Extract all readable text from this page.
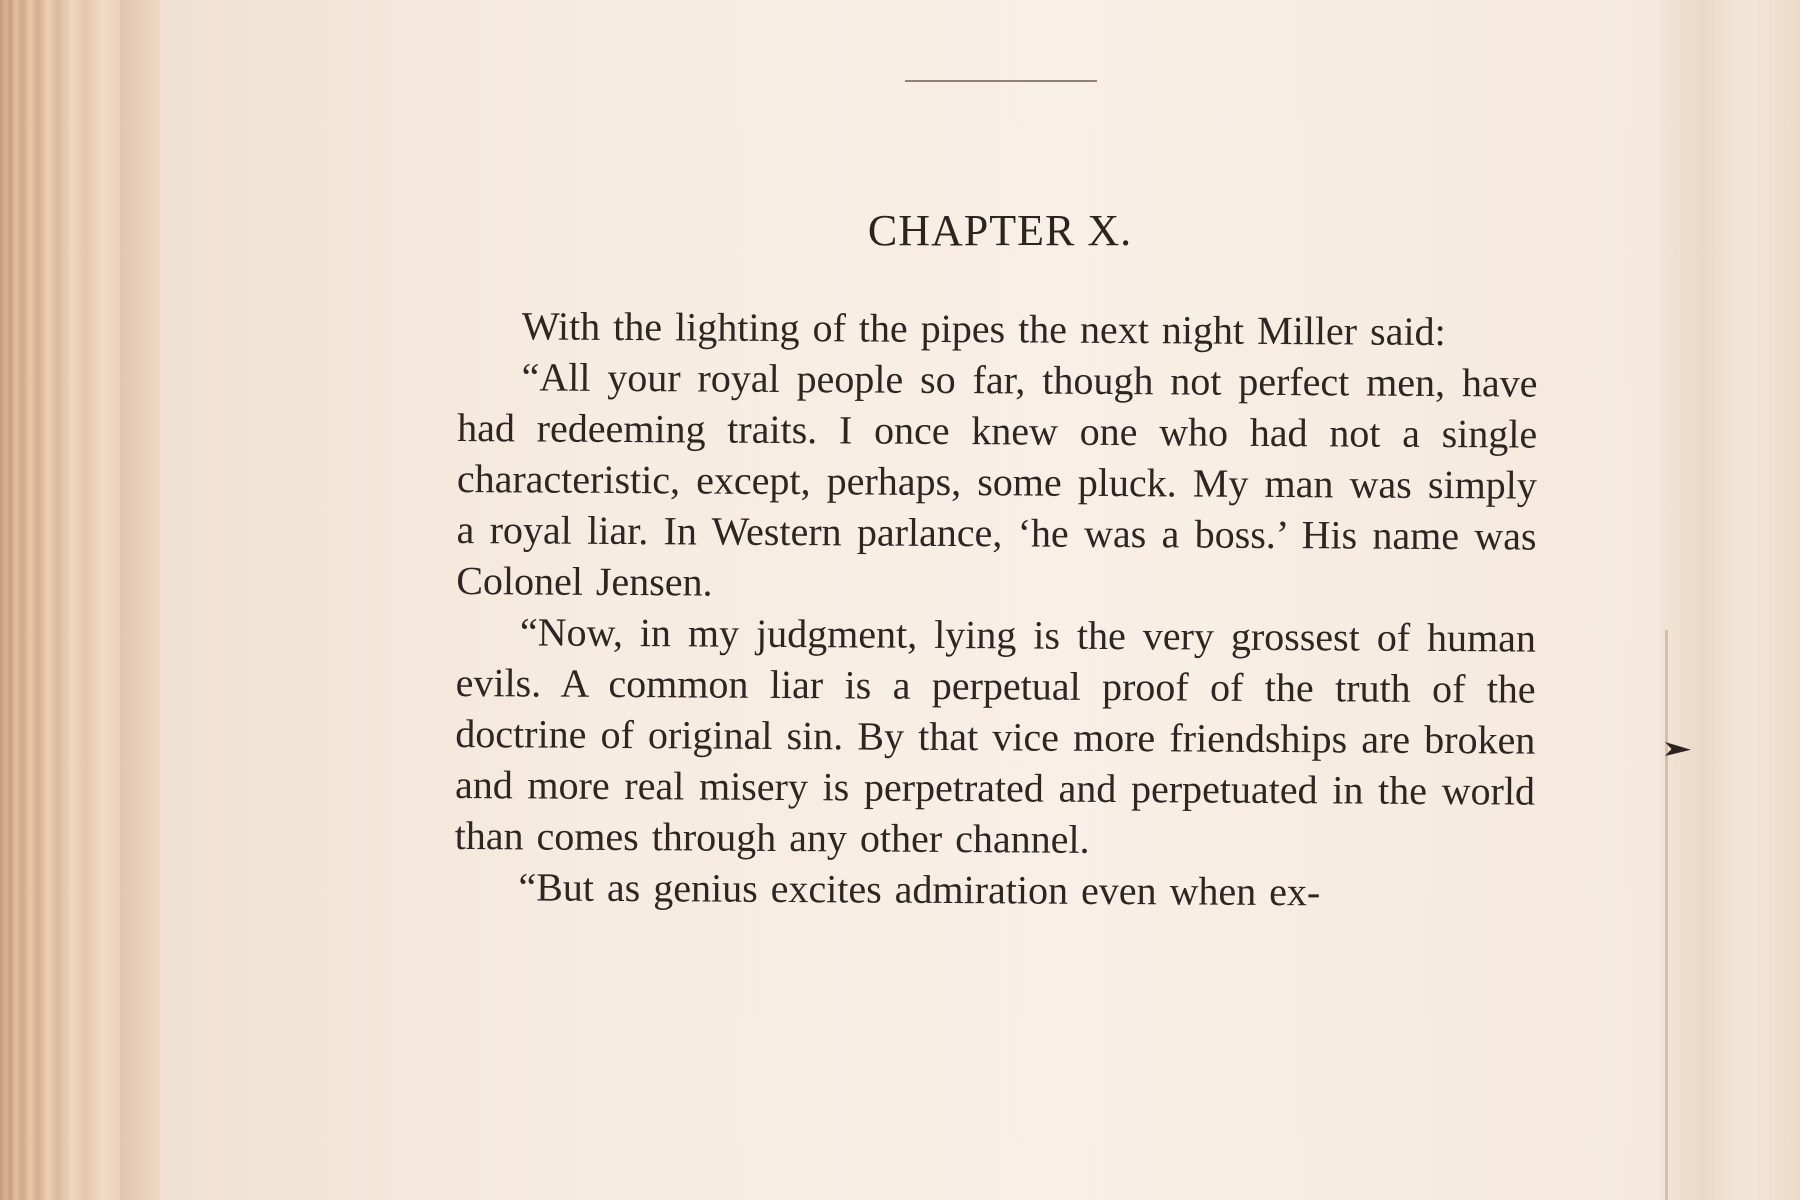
CHAPTER X.

With the lighting of the pipes the next night Miller said:

“All your royal people so far, though not perfect men, have had redeeming traits. I once knew one who had not a single characteristic, except, perhaps, some pluck. My man was simply a royal liar. In Western parlance, ‘he was a boss.’ His name was Colonel Jensen.

“Now, in my judgment, lying is the very grossest of human evils. A common liar is a perpetual proof of the truth of the doctrine of original sin. By that vice more friendships are broken and more real misery is perpetrated and perpetuated in the world than comes through any other channel.

“But as genius excites admiration even when ex-
